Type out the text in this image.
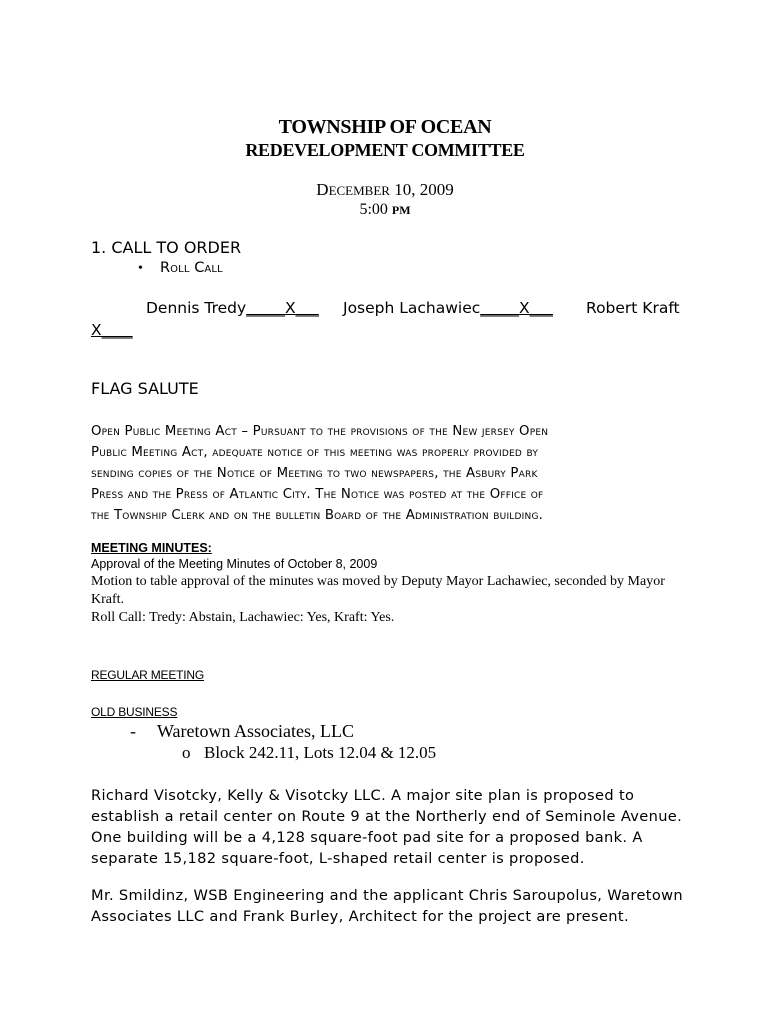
TOWNSHIP OF OCEAN
REDEVELOPMENT COMMITTEE
DECEMBER 10, 2009
5:00 PM
1. CALL TO ORDER
• Roll Call
Dennis Tredy_____X___ Joseph Lachawiec_____X___ Robert Kraft
X____
FLAG SALUTE
Open Public Meeting Act – Pursuant to the provisions of the New jersey Open
Public Meeting Act, adequate notice of this meeting was properly provided by
sending copies of the Notice of Meeting to two newspapers, the Asbury Park
Press and the Press of Atlantic City. The Notice was posted at the Office of
the Township Clerk and on the bulletin Board of the Administration building.
MEETING MINUTES:
Approval of the Meeting Minutes of October 8, 2009
Motion to table approval of the minutes was moved by Deputy Mayor Lachawiec, seconded by Mayor
Kraft.
Roll Call: Tredy: Abstain, Lachawiec: Yes, Kraft: Yes.
REGULAR MEETING
OLD BUSINESS
- Waretown Associates, LLC
o Block 242.11, Lots 12.04 & 12.05
Richard Visotcky, Kelly & Visotcky LLC. A major site plan is proposed to
establish a retail center on Route 9 at the Northerly end of Seminole Avenue.
One building will be a 4,128 square-foot pad site for a proposed bank. A
separate 15,182 square-foot, L-shaped retail center is proposed.
Mr. Smildinz, WSB Engineering and the applicant Chris Saroupolus, Waretown
Associates LLC and Frank Burley, Architect for the project are present.
